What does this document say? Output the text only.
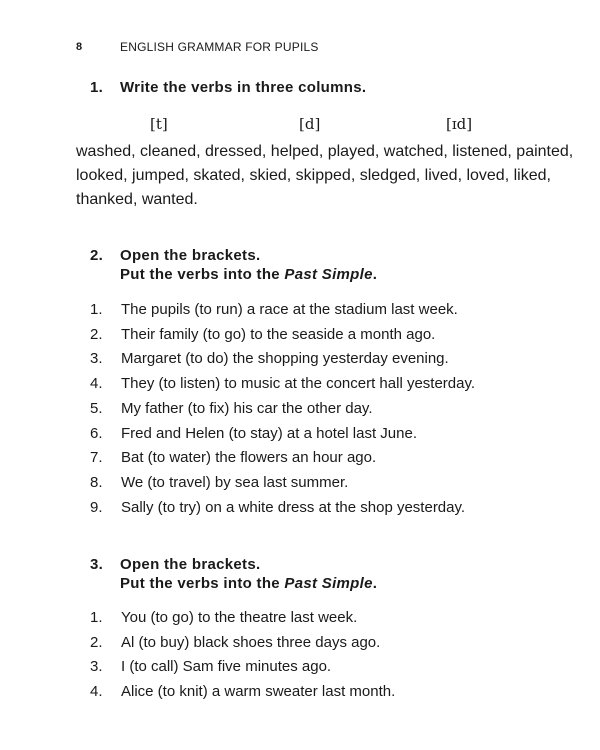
8	ENGLISH GRAMMAR FOR PUPILS
1. Write the verbs in three columns.
[t]	[d]	[ɪd]

washed, cleaned, dressed, helped, played, watched, listened, painted, looked, jumped, skated, skied, skipped, sledged, lived, loved, liked, thanked, wanted.

2. Open the brackets.
Put the verbs into the Past Simple.
1.	The pupils (to run) a race at the stadium last week.
2.	Their family (to go) to the seaside a month ago.
3.	Margaret (to do) the shopping yesterday evening.
4.	They (to listen) to music at the concert hall yesterday.
5.	My father (to fix) his car the other day.
6.	Fred and Helen (to stay) at a hotel last June.
7.	Bat (to water) the flowers an hour ago.
8.	We (to travel) by sea last summer.
9.	Sally (to try) on a white dress at the shop yesterday.
3. Open the brackets.
Put the verbs into the Past Simple.
1.	You (to go) to the theatre last week.
2.	Al (to buy) black shoes three days ago.
3.	I (to call) Sam five minutes ago.
4.	Alice (to knit) a warm sweater last month.
